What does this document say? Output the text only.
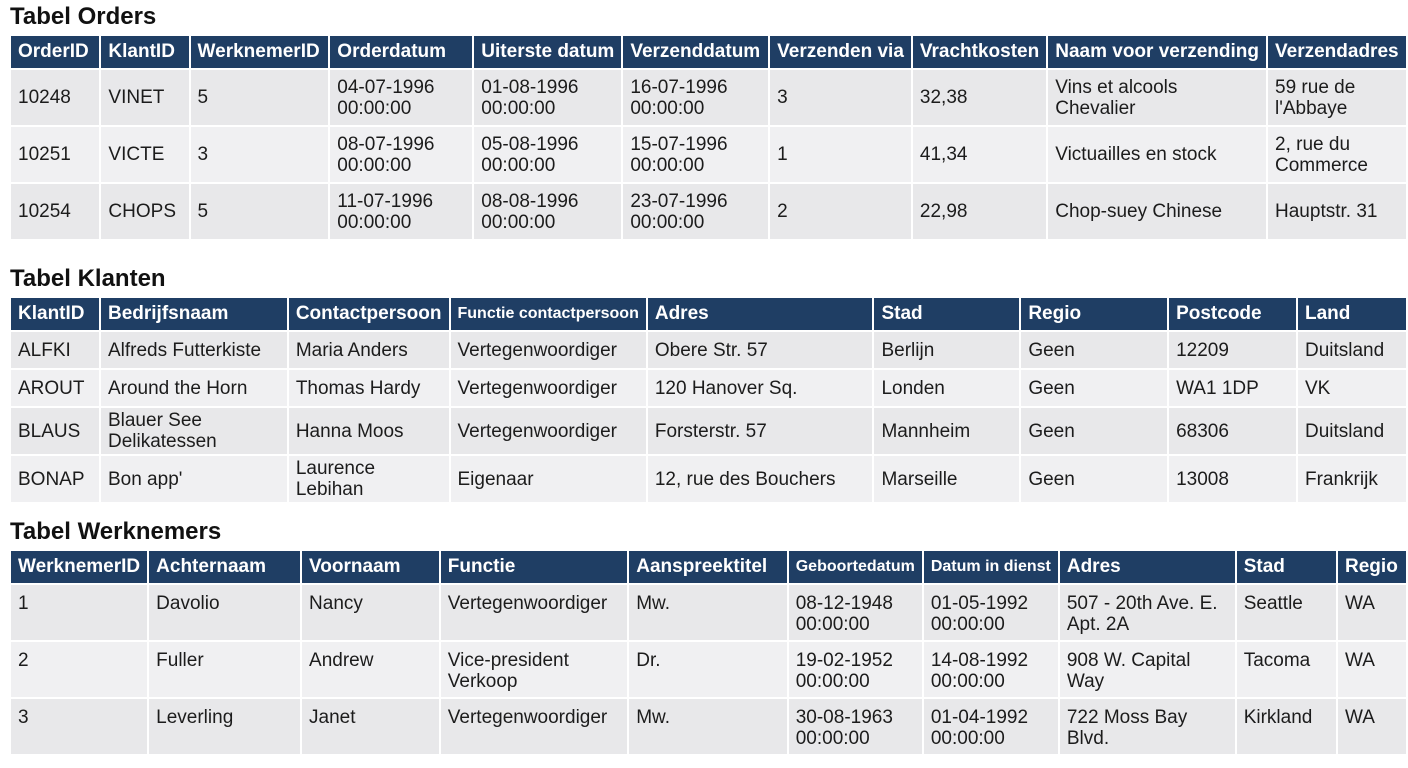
Tabel Orders
OrderID	KlantID	WerknemerID	Orderdatum	Uiterste datum	Verzenddatum	Verzenden via	Vrachtkosten	Naam voor verzending	Verzendadres
10248	VINET	5	04-07-1996 00:00:00	01-08-1996 00:00:00	16-07-1996 00:00:00	3	32,38	Vins et alcools Chevalier	59 rue de l'Abbaye
10251	VICTE	3	08-07-1996 00:00:00	05-08-1996 00:00:00	15-07-1996 00:00:00	1	41,34	Victuailles en stock	2, rue du Commerce
10254	CHOPS	5	11-07-1996 00:00:00	08-08-1996 00:00:00	23-07-1996 00:00:00	2	22,98	Chop-suey Chinese	Hauptstr. 31
Tabel Klanten
KlantID	Bedrijfsnaam	Contactpersoon	Functie contactpersoon	Adres	Stad	Regio	Postcode	Land
ALFKI	Alfreds Futterkiste	Maria Anders	Vertegenwoordiger	Obere Str. 57	Berlijn	Geen	12209	Duitsland
AROUT	Around the Horn	Thomas Hardy	Vertegenwoordiger	120 Hanover Sq.	Londen	Geen	WA1 1DP	VK
BLAUS	Blauer See Delikatessen	Hanna Moos	Vertegenwoordiger	Forsterstr. 57	Mannheim	Geen	68306	Duitsland
BONAP	Bon app'	Laurence Lebihan	Eigenaar	12, rue des Bouchers	Marseille	Geen	13008	Frankrijk
Tabel Werknemers
WerknemerID	Achternaam	Voornaam	Functie	Aanspreektitel	Geboortedatum	Datum in dienst	Adres	Stad	Regio
1	Davolio	Nancy	Vertegenwoordiger	Mw.	08-12-1948 00:00:00	01-05-1992 00:00:00	507 - 20th Ave. E. Apt. 2A	Seattle	WA
2	Fuller	Andrew	Vice-president Verkoop	Dr.	19-02-1952 00:00:00	14-08-1992 00:00:00	908 W. Capital Way	Tacoma	WA
3	Leverling	Janet	Vertegenwoordiger	Mw.	30-08-1963 00:00:00	01-04-1992 00:00:00	722 Moss Bay Blvd.	Kirkland	WA
